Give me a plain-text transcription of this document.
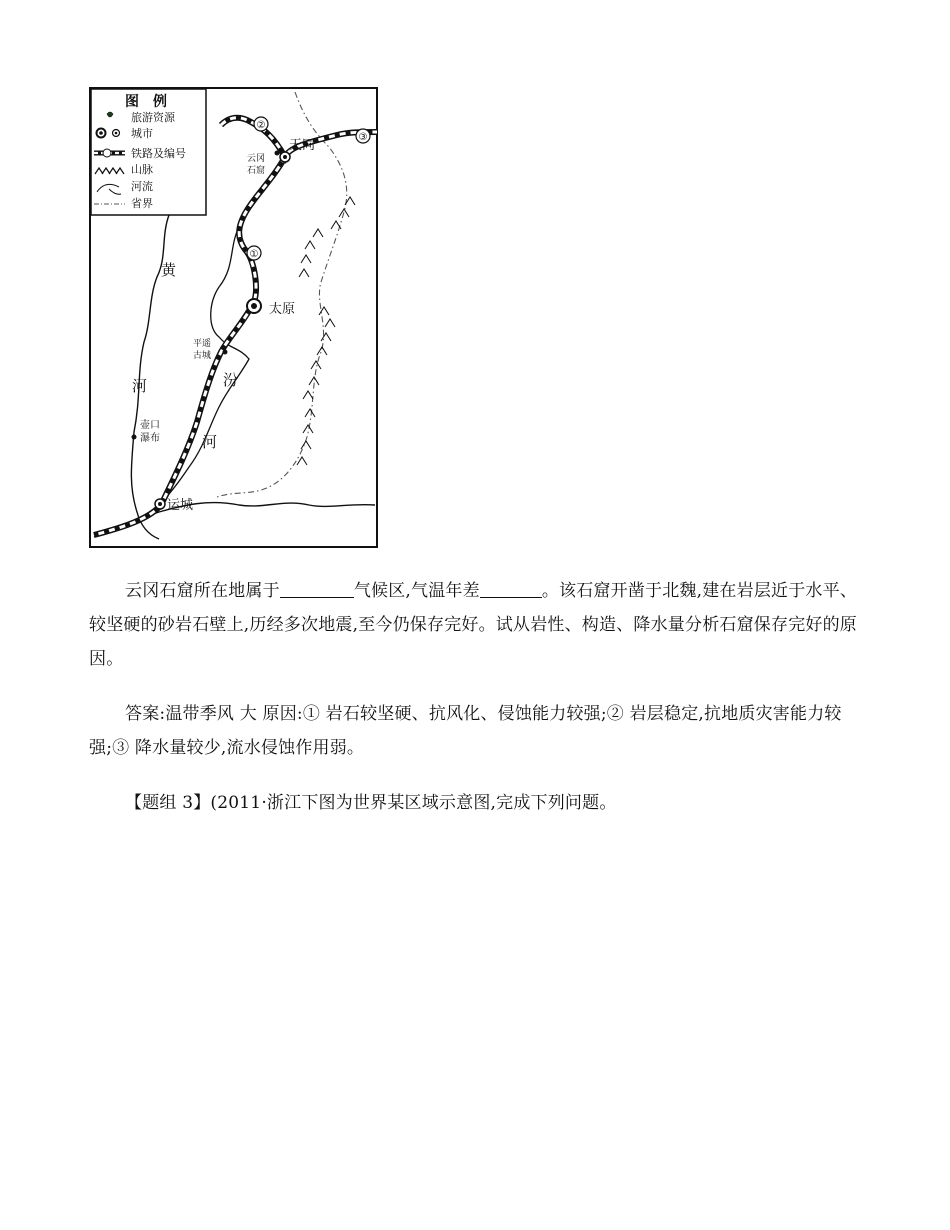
②
③
①
天同
太原
运城
云冈
石窟
平遥
古城
壶口
瀑布
黄
河	汾
河
图　例
旅游资源
城市
铁路及编号
山脉
河流
省界

云冈石窟所在地属于	气候区,气温年差	。该石窟开凿于北魏,建在岩层近于水平、较坚硬的砂岩石壁上,历经多次地震,至今仍保存完好。试从岩性、构造、降水量分析石窟保存完好的原因。

答案:温带季风 大 原因:① 岩石较坚硬、抗风化、侵蚀能力较强;② 岩层稳定,抗地质灾害能力较强;③ 降水量较少,流水侵蚀作用弱。

【题组 3】(2011·浙江下图为世界某区域示意图,完成下列问题。
